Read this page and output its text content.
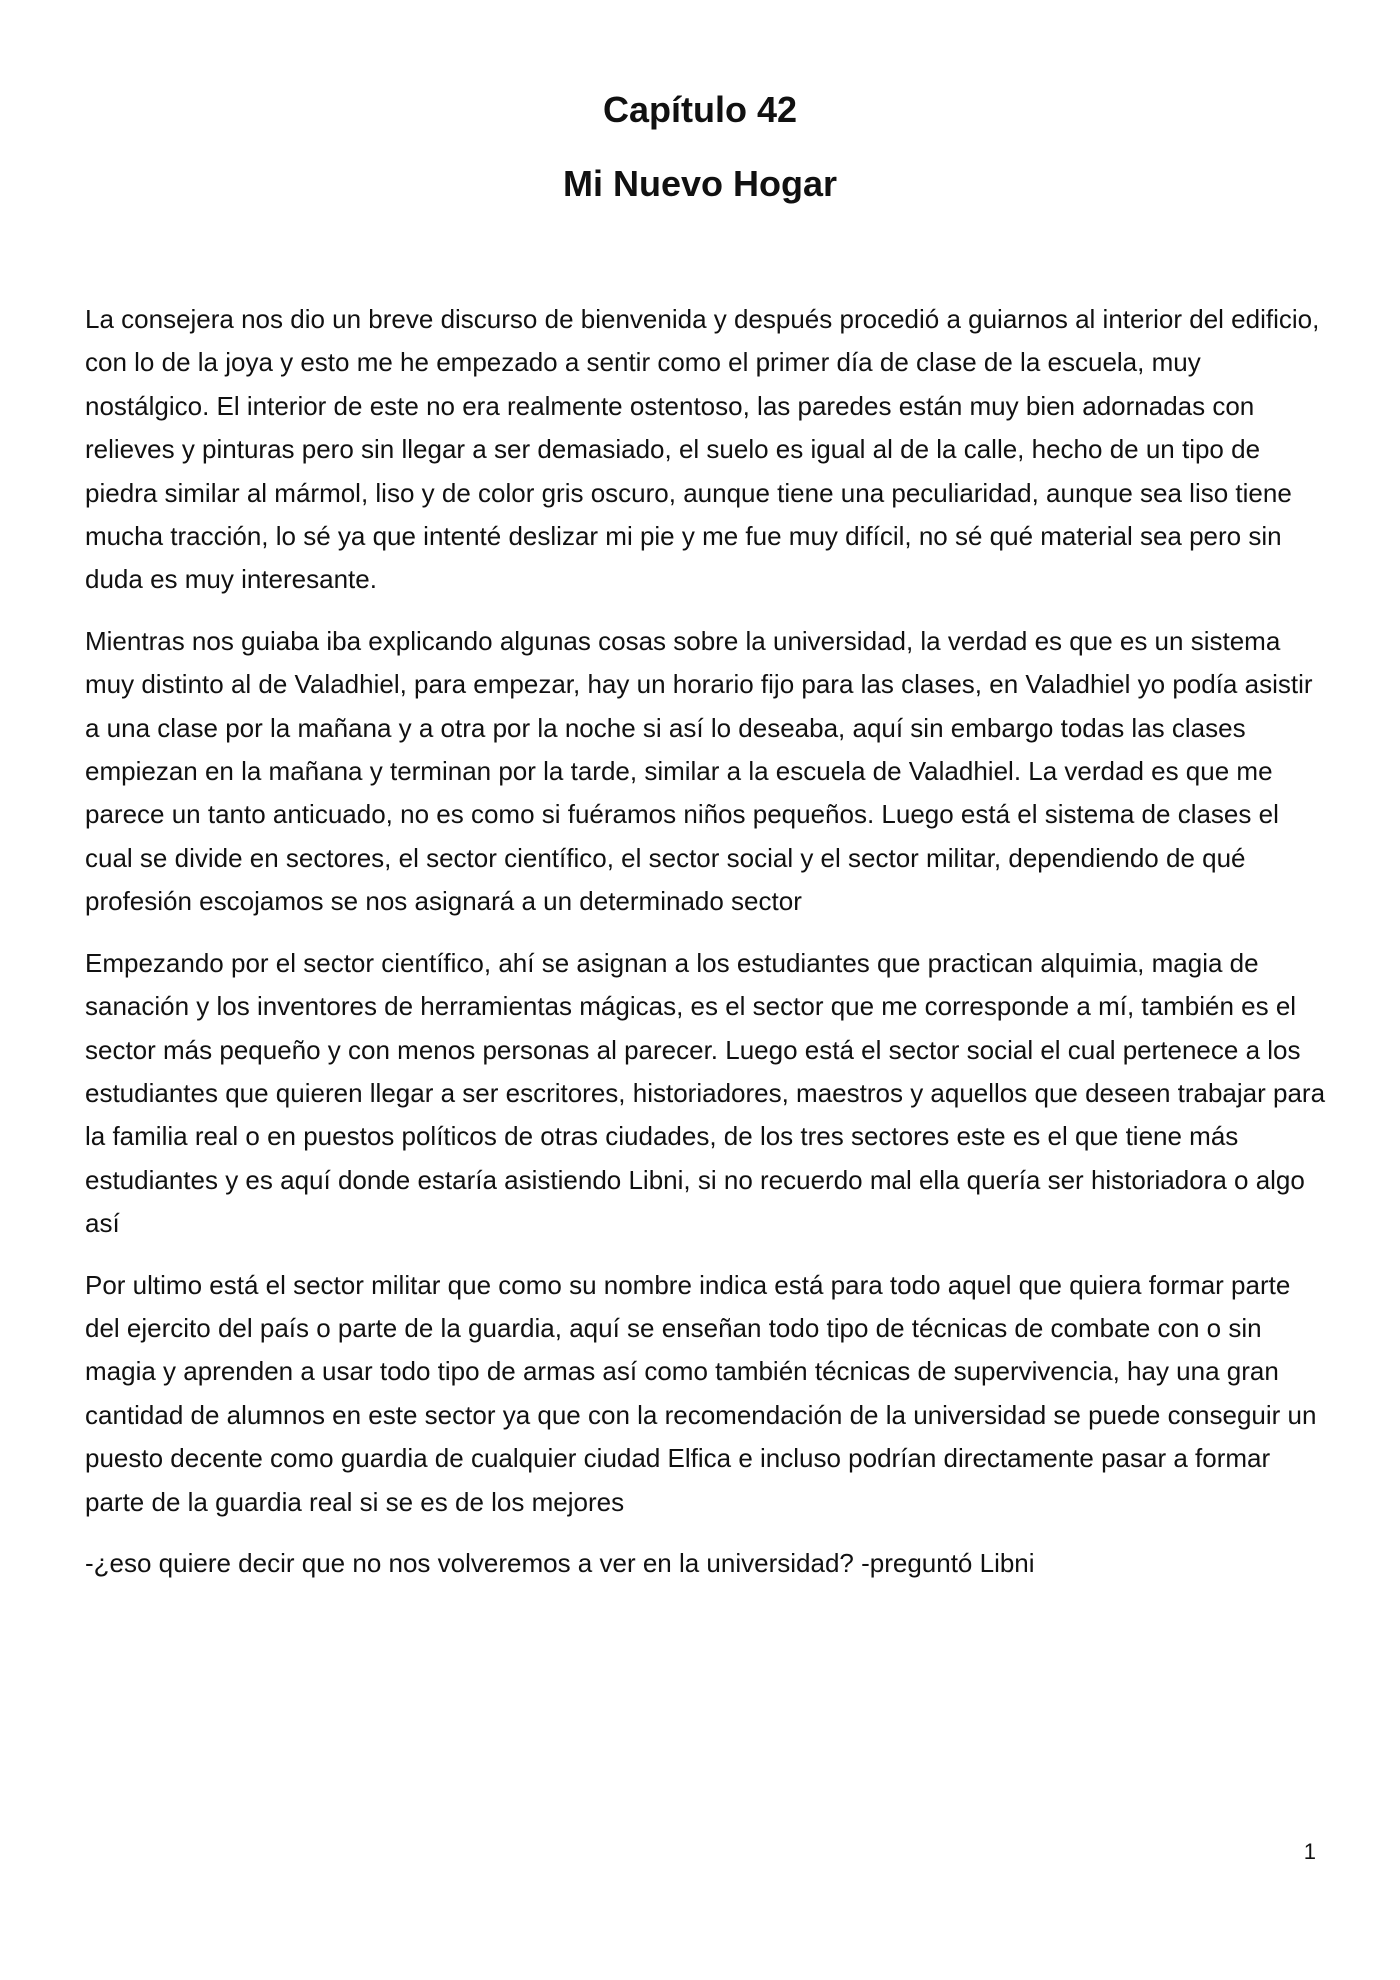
Capítulo 42
Mi Nuevo Hogar

La consejera nos dio un breve discurso de bienvenida y después procedió a guiarnos al interior del edificio, con lo de la joya y esto me he empezado a sentir como el primer día de clase de la escuela, muy nostálgico. El interior de este no era realmente ostentoso, las paredes están muy bien adornadas con relieves y pinturas pero sin llegar a ser demasiado, el suelo es igual al de la calle, hecho de un tipo de piedra similar al mármol, liso y de color gris oscuro, aunque tiene una peculiaridad, aunque sea liso tiene mucha tracción, lo sé ya que intenté deslizar mi pie y me fue muy difícil, no sé qué material sea pero sin duda es muy interesante.

Mientras nos guiaba iba explicando algunas cosas sobre la universidad, la verdad es que es un sistema muy distinto al de Valadhiel, para empezar, hay un horario fijo para las clases, en Valadhiel yo podía asistir a una clase por la mañana y a otra por la noche si así lo deseaba, aquí sin embargo todas las clases empiezan en la mañana y terminan por la tarde, similar a la escuela de Valadhiel. La verdad es que me parece un tanto anticuado, no es como si fuéramos niños pequeños. Luego está el sistema de clases el cual se divide en sectores, el sector científico, el sector social y el sector militar, dependiendo de qué profesión escojamos se nos asignará a un determinado sector

Empezando por el sector científico, ahí se asignan a los estudiantes que practican alquimia, magia de sanación y los inventores de herramientas mágicas, es el sector que me corresponde a mí, también es el sector más pequeño y con menos personas al parecer. Luego está el sector social el cual pertenece a los estudiantes que quieren llegar a ser escritores, historiadores, maestros y aquellos que deseen trabajar para la familia real o en puestos políticos de otras ciudades, de los tres sectores este es el que tiene más estudiantes y es aquí donde estaría asistiendo Libni, si no recuerdo mal ella quería ser historiadora o algo así

Por ultimo está el sector militar que como su nombre indica está para todo aquel que quiera formar parte del ejercito del país o parte de la guardia, aquí se enseñan todo tipo de técnicas de combate con o sin magia y aprenden a usar todo tipo de armas así como también técnicas de supervivencia, hay una gran cantidad de alumnos en este sector ya que con la recomendación de la universidad se puede conseguir un puesto decente como guardia de cualquier ciudad Elfica e incluso podrían directamente pasar a formar parte de la guardia real si se es de los mejores

-¿eso quiere decir que no nos volveremos a ver en la universidad? -preguntó Libni

1
